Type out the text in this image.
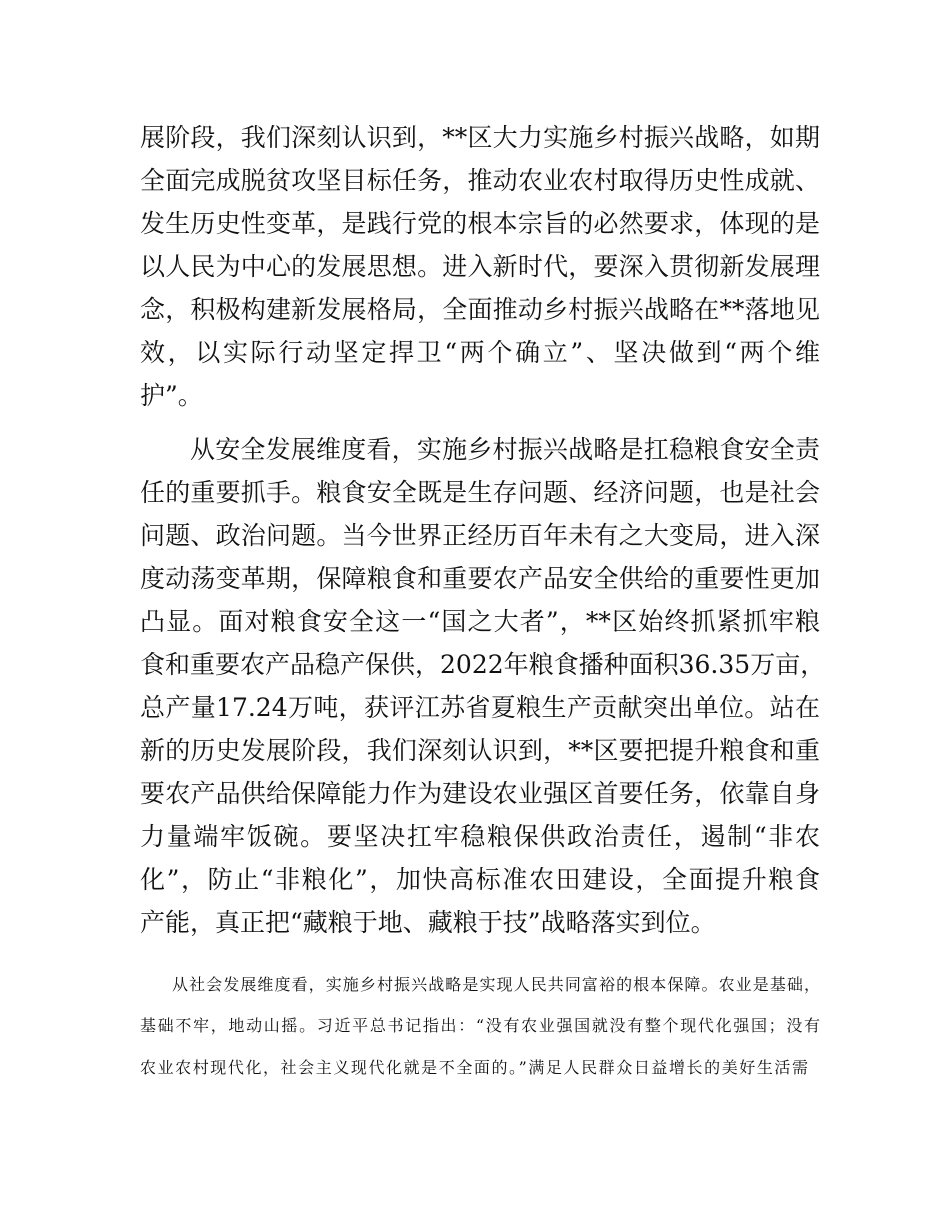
展阶段，我们深刻认识到，**区大力实施乡村振兴战略，如期
全面完成脱贫攻坚目标任务，推动农业农村取得历史性成就、
发生历史性变革，是践行党的根本宗旨的必然要求，体现的是
以人民为中心的发展思想。进入新时代，要深入贯彻新发展理
念，积极构建新发展格局，全面推动乡村振兴战略在**落地见
效，以实际行动坚定捍卫“两个确立”、坚决做到“两个维
护”。
从安全发展维度看，实施乡村振兴战略是扛稳粮食安全责
任的重要抓手。粮食安全既是生存问题、经济问题，也是社会
问题、政治问题。当今世界正经历百年未有之大变局，进入深
度动荡变革期，保障粮食和重要农产品安全供给的重要性更加
凸显。面对粮食安全这一“国之大者”，**区始终抓紧抓牢粮
食和重要农产品稳产保供，2022年粮食播种面积36.35万亩，
总产量17.24万吨，获评江苏省夏粮生产贡献突出单位。站在
新的历史发展阶段，我们深刻认识到，**区要把提升粮食和重
要农产品供给保障能力作为建设农业强区首要任务，依靠自身
力量端牢饭碗。要坚决扛牢稳粮保供政治责任，遏制“非农
化”，防止“非粮化”，加快高标准农田建设，全面提升粮食
产能，真正把“藏粮于地、藏粮于技”战略落实到位。
从社会发展维度看，实施乡村振兴战略是实现人民共同富裕的根本保障。农业是基础，
基础不牢，地动山摇。习近平总书记指出：“没有农业强国就没有整个现代化强国；没有
农业农村现代化，社会主义现代化就是不全面的。”满足人民群众日益增长的美好生活需
